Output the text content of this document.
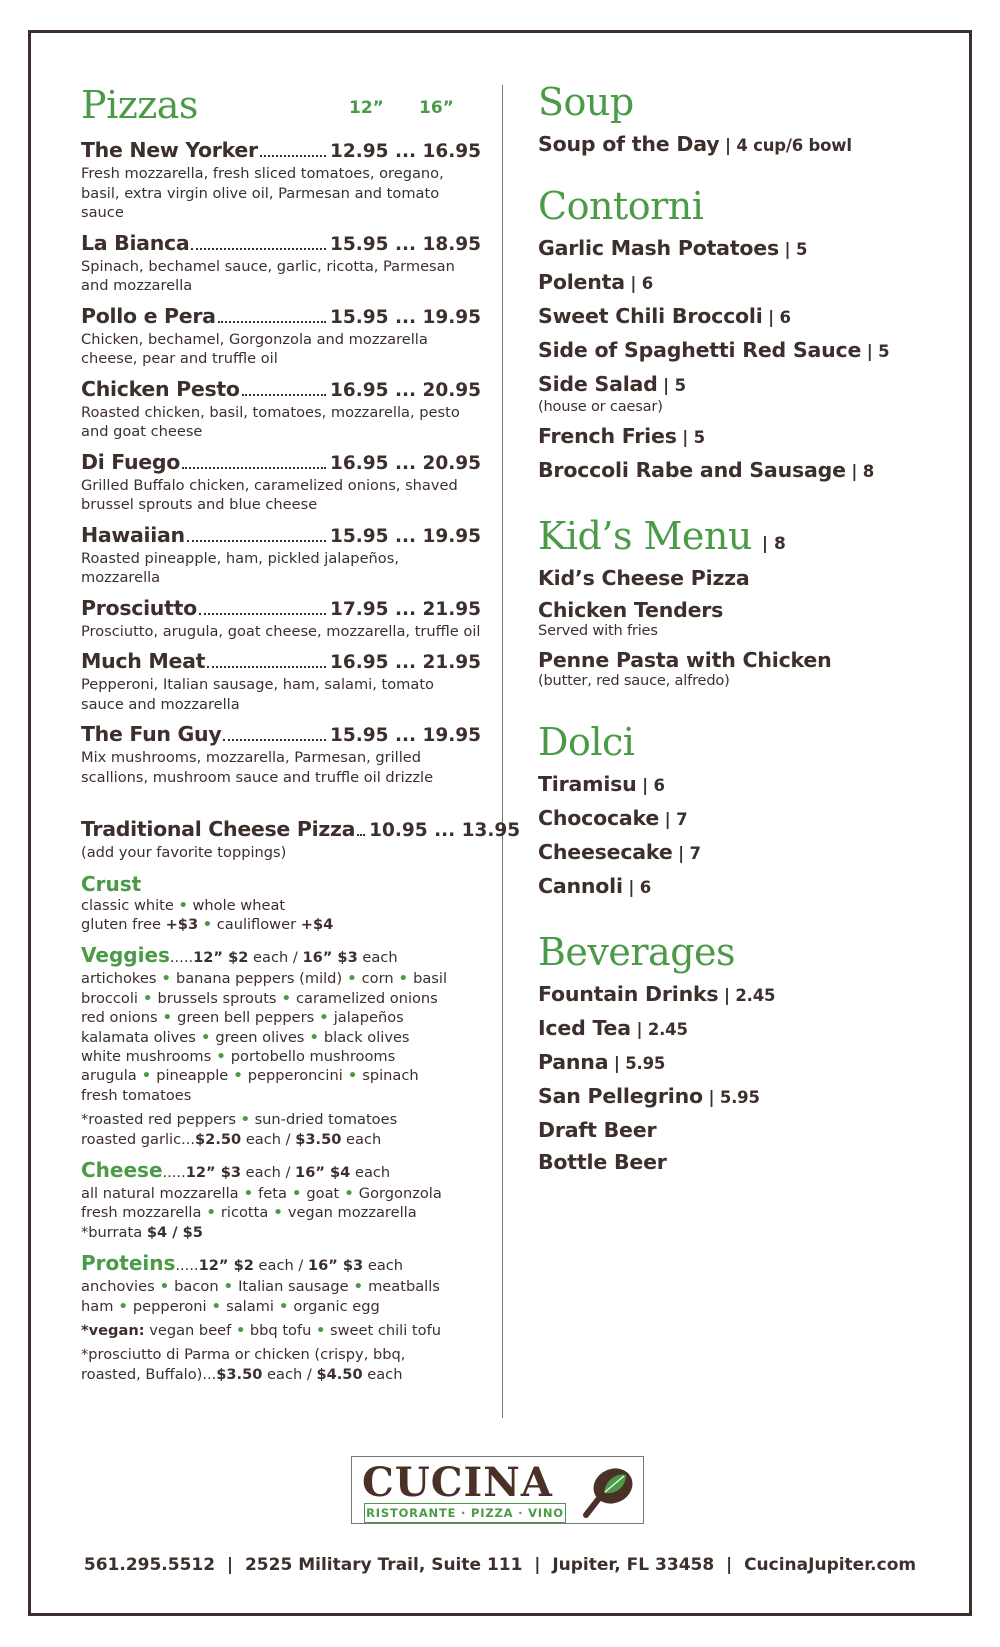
Pizzas	12” 16”
The New Yorker	12.95 ... 16.95
Fresh mozzarella, fresh sliced tomatoes, oregano, basil, extra virgin olive oil, Parmesan and tomato sauce
La Bianca	15.95 ... 18.95
Spinach, bechamel sauce, garlic, ricotta, Parmesan and mozzarella
Pollo e Pera	15.95 ... 19.95
Chicken, bechamel, Gorgonzola and mozzarella cheese, pear and truffle oil
Chicken Pesto	16.95 ... 20.95
Roasted chicken, basil, tomatoes, mozzarella, pesto and goat cheese
Di Fuego	16.95 ... 20.95
Grilled Buffalo chicken, caramelized onions, shaved brussel sprouts and blue cheese
Hawaiian	15.95 ... 19.95
Roasted pineapple, ham, pickled jalapeños, mozzarella
Prosciutto	17.95 ... 21.95
Prosciutto, arugula, goat cheese, mozzarella, truffle oil
Much Meat	16.95 ... 21.95
Pepperoni, Italian sausage, ham, salami, tomato sauce and mozzarella
The Fun Guy	15.95 ... 19.95
Mix mushrooms, mozzarella, Parmesan, grilled scallions, mushroom sauce and truffle oil drizzle
Traditional Cheese Pizza 10.95 ... 13.95
(add your favorite toppings)
Crust
classic white • whole wheat
gluten free +$3 • cauliflower +$4
Veggies.....12” $2 each / 16” $3 each
artichokes • banana peppers (mild) • corn • basil
broccoli • brussels sprouts • caramelized onions
red onions • green bell peppers • jalapeños
kalamata olives • green olives • black olives
white mushrooms • portobello mushrooms
arugula • pineapple • pepperoncini • spinach
fresh tomatoes
*roasted red peppers • sun-dried tomatoes
roasted garlic...$2.50 each / $3.50 each
Cheese.....12” $3 each / 16” $4 each
all natural mozzarella • feta • goat • Gorgonzola
fresh mozzarella • ricotta • vegan mozzarella
*burrata $4 / $5
Proteins.....12” $2 each / 16” $3 each
anchovies • bacon • Italian sausage • meatballs
ham • pepperoni • salami • organic egg
*vegan: vegan beef • bbq tofu • sweet chili tofu
*prosciutto di Parma or chicken (crispy, bbq,
roasted, Buffalo)...$3.50 each / $4.50 each
Soup
Soup of the Day | 4 cup/6 bowl
Contorni
Garlic Mash Potatoes | 5
Polenta | 6
Sweet Chili Broccoli | 6
Side of Spaghetti Red Sauce | 5
Side Salad | 5
(house or caesar)
French Fries | 5
Broccoli Rabe and Sausage | 8
Kid’s Menu | 8
Kid’s Cheese Pizza
Chicken Tenders
Served with fries
Penne Pasta with Chicken
(butter, red sauce, alfredo)
Dolci
Tiramisu | 6
Chococake | 7
Cheesecake | 7
Cannoli | 6
Beverages
Fountain Drinks | 2.45
Iced Tea | 2.45
Panna | 5.95
San Pellegrino | 5.95
Draft Beer
Bottle Beer
CUCINA
RISTORANTE · PIZZA · VINO
561.295.5512  |  2525 Military Trail, Suite 111  |  Jupiter, FL 33458  |  CucinaJupiter.com
